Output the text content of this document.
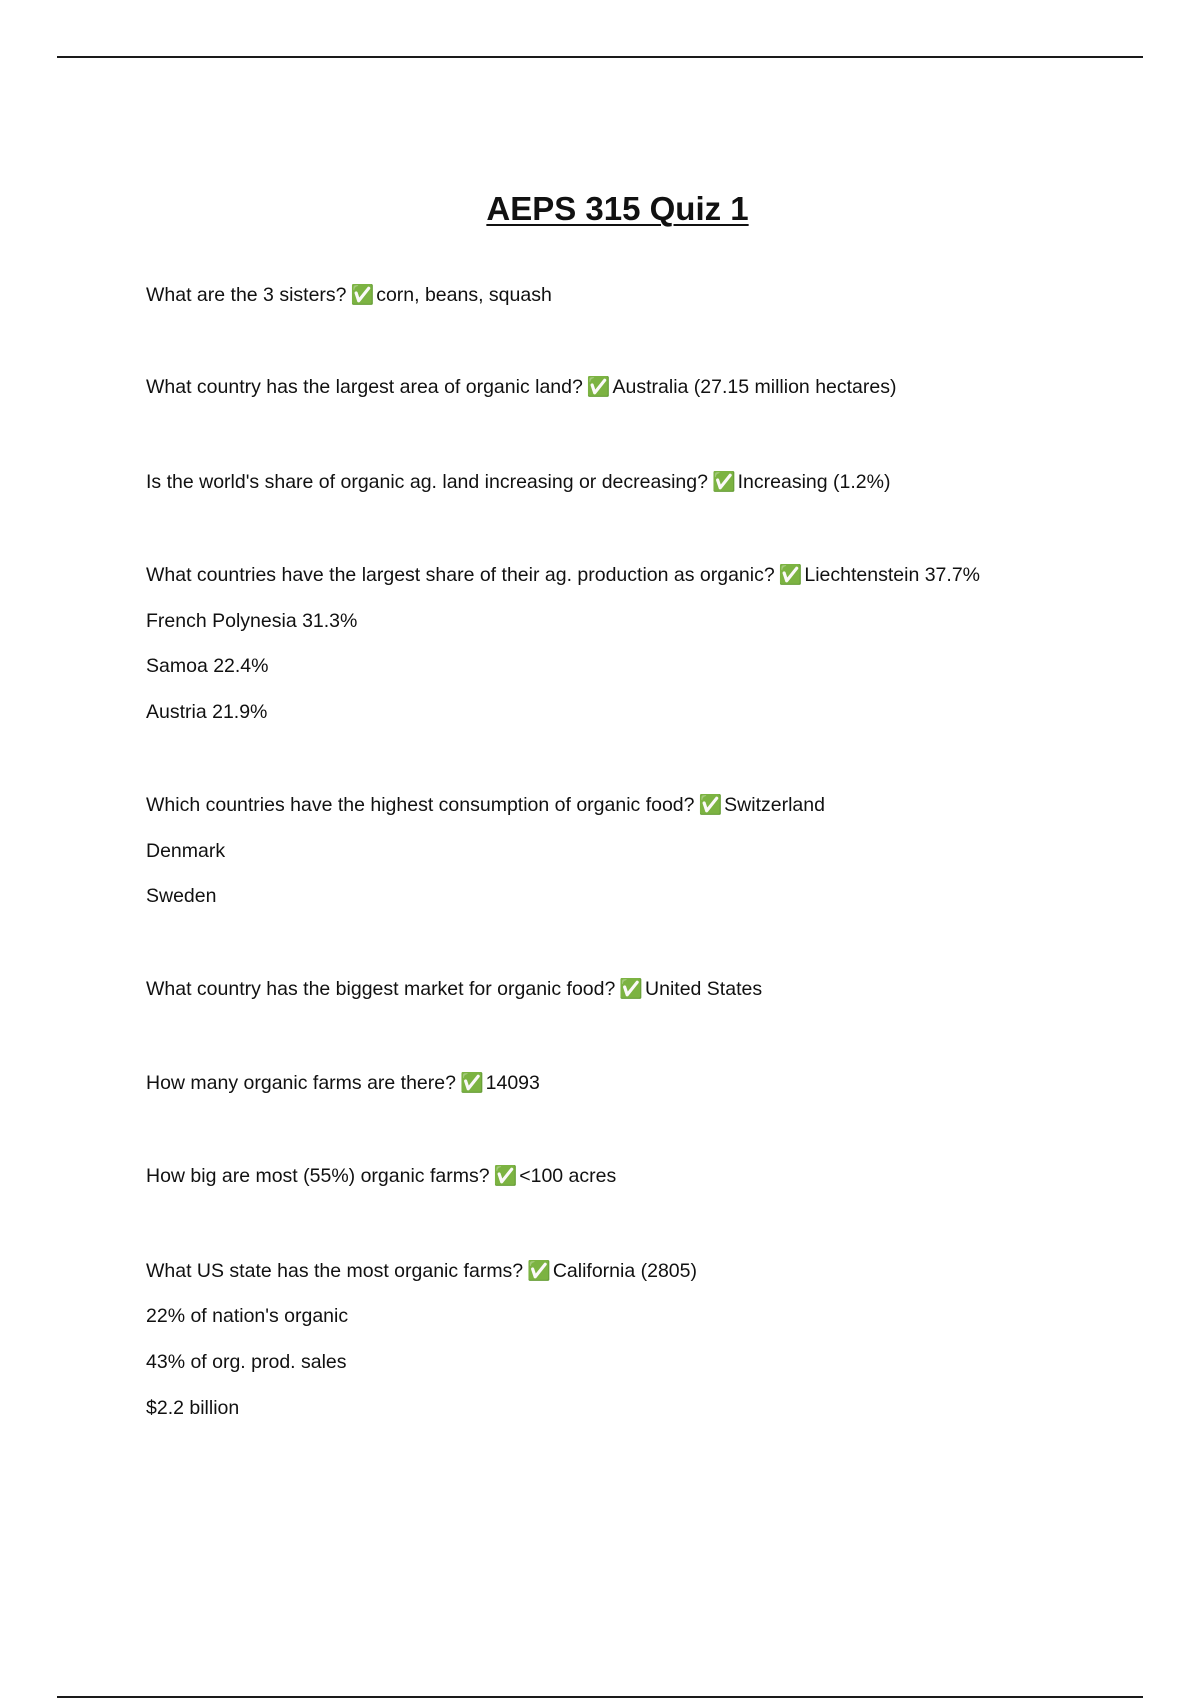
AEPS 315 Quiz 1
What are the 3 sisters? ✅ corn, beans, squash
What country has the largest area of organic land? ✅ Australia (27.15 million hectares)
Is the world's share of organic ag. land increasing or decreasing? ✅ Increasing (1.2%)
What countries have the largest share of their ag. production as organic? ✅ Liechtenstein 37.7%
French Polynesia 31.3%
Samoa 22.4%
Austria 21.9%
Which countries have the highest consumption of organic food? ✅ Switzerland
Denmark
Sweden
What country has the biggest market for organic food? ✅ United States
How many organic farms are there? ✅ 14093
How big are most (55%) organic farms? ✅ <100 acres
What US state has the most organic farms? ✅ California (2805)
22% of nation's organic
43% of org. prod. sales
$2.2 billion
